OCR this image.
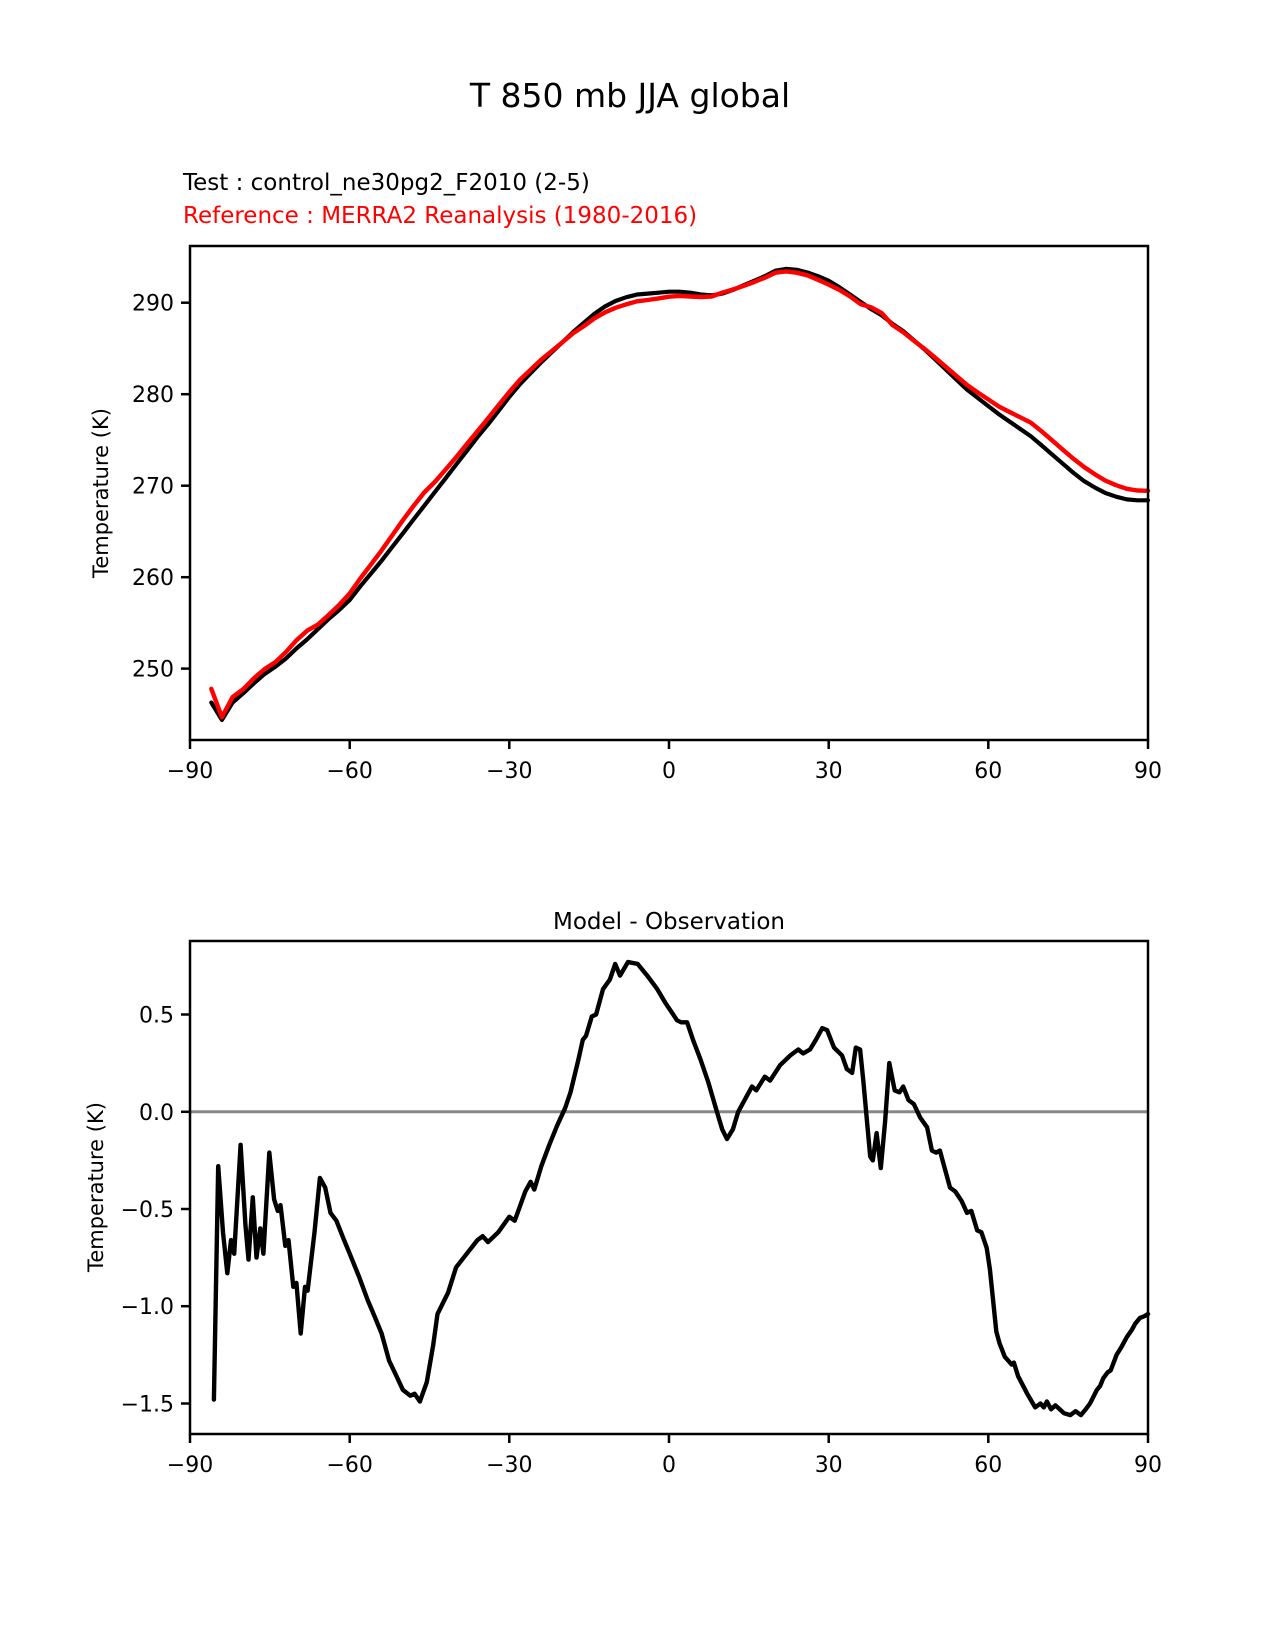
T 850 mb JJA global
Test : control_ne30pg2_F2010 (2-5)
Reference : MERRA2 Reanalysis (1980-2016)
Temperature (K)
−90	−60	−30	0	30	60	90
250
260
270
280
290
Model - Observation
Temperature (K)
−90	−60	−30	0	30	60	90
−1.5
−1.0
−0.5
0.0
0.5
